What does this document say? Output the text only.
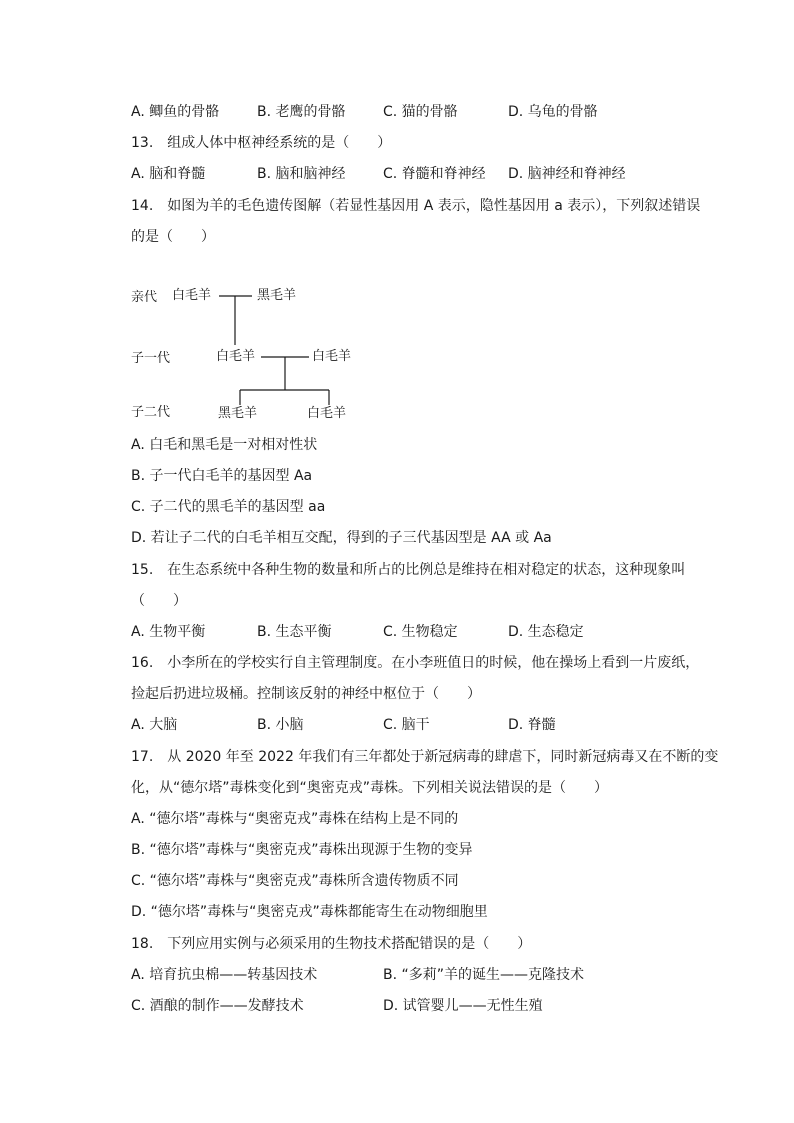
A. 鲫鱼的骨骼	B. 老鹰的骨骼	C. 猫的骨骼	D. 乌龟的骨骼
13.　组成人体中枢神经系统的是（　　）
A. 脑和脊髓	B. 脑和脑神经	C. 脊髓和脊神经 D. 脑神经和脊神经
14.　如图为羊的毛色遗传图解（若显性基因用 A 表示，隐性基因用 a 表示），下列叙述错误
的是（　　）
亲代 白毛羊	黑毛羊
子一代	白毛羊	白毛羊
子二代	黑毛羊	白毛羊
A. 白毛和黑毛是一对相对性状
B. 子一代白毛羊的基因型 Aa
C. 子二代的黑毛羊的基因型 aa
D. 若让子二代的白毛羊相互交配，得到的子三代基因型是 AA 或 Aa
15.　在生态系统中各种生物的数量和所占的比例总是维持在相对稳定的状态，这种现象叫
（　　）
A. 生物平衡	B. 生态平衡	C. 生物稳定	D. 生态稳定
16.　小李所在的学校实行自主管理制度。在小李班值日的时候，他在操场上看到一片废纸，
捡起后扔进垃圾桶。控制该反射的神经中枢位于（　　）
A. 大脑	B. 小脑	C. 脑干	D. 脊髓
17.　从 2020 年至 2022 年我们有三年都处于新冠病毒的肆虐下，同时新冠病毒又在不断的变
化，从“德尔塔”毒株变化到“奥密克戎”毒株。下列相关说法错误的是（　　）
A. “德尔塔”毒株与“奥密克戎”毒株在结构上是不同的
B. “德尔塔”毒株与“奥密克戎”毒株出现源于生物的变异
C. “德尔塔”毒株与“奥密克戎”毒株所含遗传物质不同
D. “德尔塔”毒株与“奥密克戎”毒株都能寄生在动物细胞里
18.　下列应用实例与必须采用的生物技术搭配错误的是（　　）
A. 培育抗虫棉——转基因技术	B. “多莉”羊的诞生——克隆技术
C. 酒酿的制作——发酵技术	D. 试管婴儿——无性生殖
